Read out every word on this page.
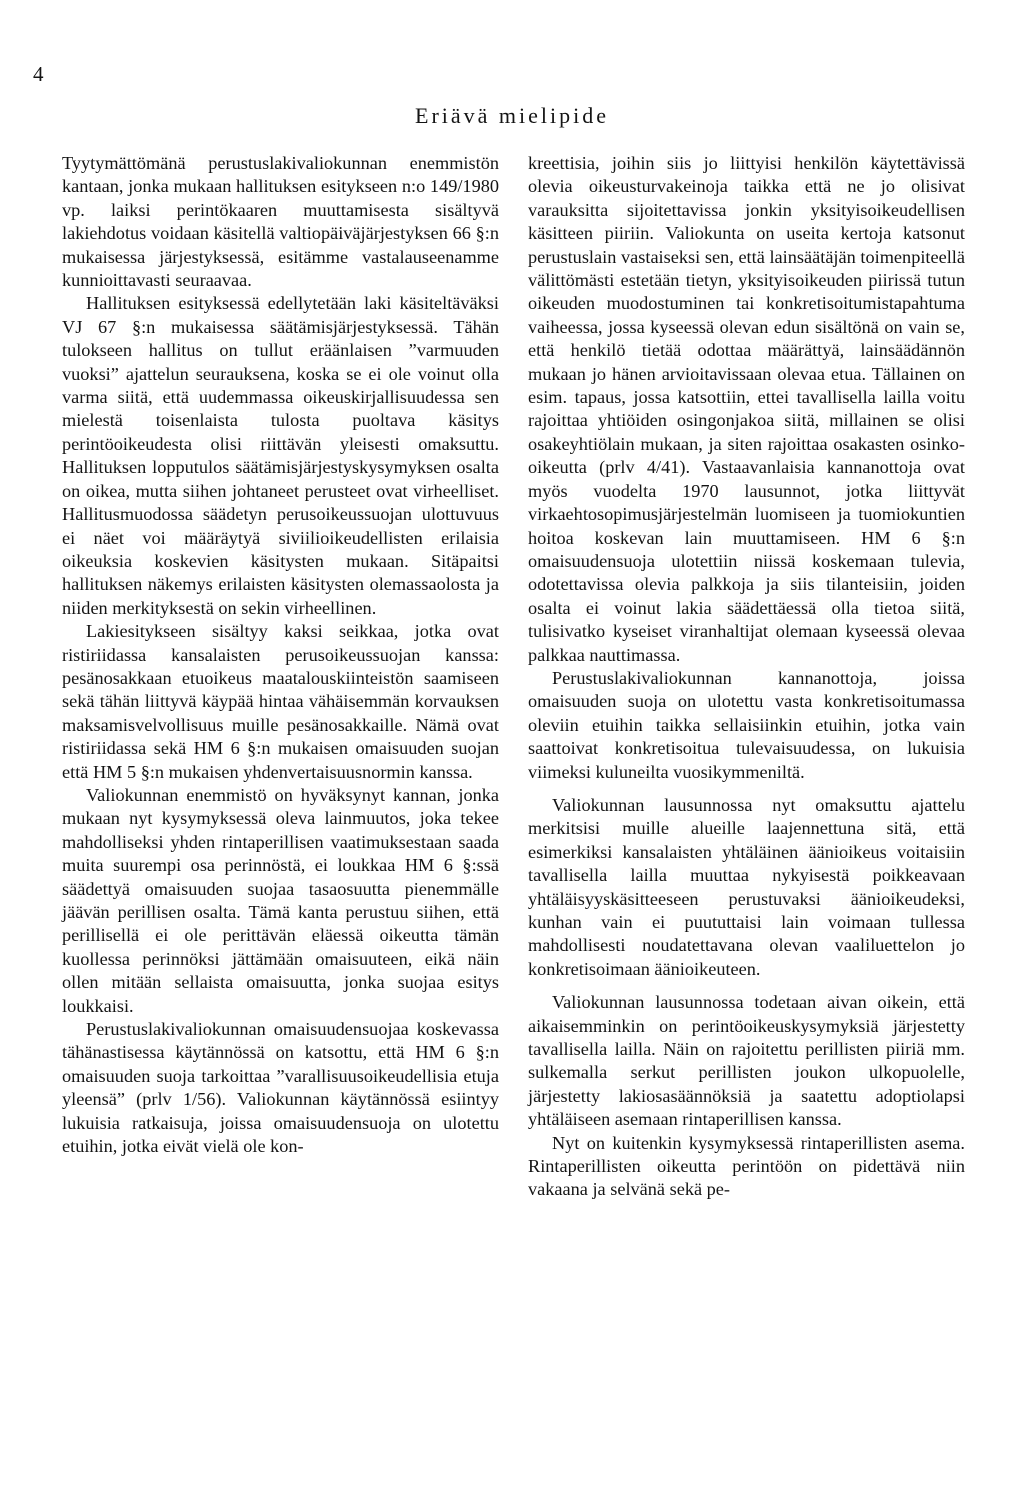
4
Eriävä mielipide

Tyytymättömänä perustuslakivaliokunnan enemmistön kantaan, jonka mukaan hallituksen esitykseen n:o 149/1980 vp. laiksi perintökaaren muuttamisesta sisältyvä lakiehdotus voidaan käsitellä valtiopäiväjärjestyksen 66 §:n mukaisessa järjestyksessä, esitämme vastalauseenamme kunnioittavasti seuraavaa.

Hallituksen esityksessä edellytetään laki käsiteltäväksi VJ 67 §:n mukaisessa säätämisjärjestyksessä. Tähän tulokseen hallitus on tullut eräänlaisen ”varmuuden vuoksi” ajattelun seurauksena, koska se ei ole voinut olla varma siitä, että uudemmassa oikeuskirjallisuudessa sen mielestä toisenlaista tulosta puoltava käsitys perintöoikeudesta olisi riittävän yleisesti omaksuttu. Hallituksen lopputulos säätämisjärjestyskysymyksen osalta on oikea, mutta siihen johtaneet perusteet ovat virheelliset. Hallitusmuodossa säädetyn perusoikeussuojan ulottuvuus ei näet voi määräytyä siviilioikeudellisten erilaisia oikeuksia koskevien käsitysten mukaan. Sitäpaitsi hallituksen näkemys erilaisten käsitysten olemassaolosta ja niiden merkityksestä on sekin virheellinen.

Lakiesitykseen sisältyy kaksi seikkaa, jotka ovat ristiriidassa kansalaisten perusoikeussuojan kanssa: pesänosakkaan etuoikeus maatalouskiinteistön saamiseen sekä tähän liittyvä käypää hintaa vähäisemmän korvauksen maksamisvelvollisuus muille pesänosakkaille. Nämä ovat ristiriidassa sekä HM 6 §:n mukaisen omaisuuden suojan että HM 5 §:n mukaisen yhdenvertaisuusnormin kanssa.

Valiokunnan enemmistö on hyväksynyt kannan, jonka mukaan nyt kysymyksessä oleva lainmuutos, joka tekee mahdolliseksi yhden rintaperillisen vaatimuksestaan saada muita suurempi osa perinnöstä, ei loukkaa HM 6 §:ssä säädettyä omaisuuden suojaa tasaosuutta pienemmälle jäävän perillisen osalta. Tämä kanta perustuu siihen, että perillisellä ei ole perittävän eläessä oikeutta tämän kuollessa perinnöksi jättämään omaisuuteen, eikä näin ollen mitään sellaista omaisuutta, jonka suojaa esitys loukkaisi.

Perustuslakivaliokunnan omaisuudensuojaa koskevassa tähänastisessa käytännössä on katsottu, että HM 6 §:n omaisuuden suoja tarkoittaa ”varallisuusoikeudellisia etuja yleensä” (prlv 1/56). Valiokunnan käytännössä esiintyy lukuisia ratkaisuja, joissa omaisuudensuoja on ulotettu etuihin, jotka eivät vielä ole kon-

kreettisia, joihin siis jo liittyisi henkilön käytettävissä olevia oikeusturvakeinoja taikka että ne jo olisivat varauksitta sijoitettavissa jonkin yksityisoikeudellisen käsitteen piiriin. Valiokunta on useita kertoja katsonut perustuslain vastaiseksi sen, että lainsäätäjän toimenpiteellä välittömästi estetään tietyn, yksityisoikeuden piirissä tutun oikeuden muodostuminen tai konkretisoitumistapahtuma vaiheessa, jossa kyseessä olevan edun sisältönä on vain se, että henkilö tietää odottaa määrättyä, lainsäädännön mukaan jo hänen arvioitavissaan olevaa etua. Tällainen on esim. tapaus, jossa katsottiin, ettei tavallisella lailla voitu rajoittaa yhtiöiden osingonjakoa siitä, millainen se olisi osakeyhtiölain mukaan, ja siten rajoittaa osakasten osinko-oikeutta (prlv 4/41). Vastaavanlaisia kannanottoja ovat myös vuodelta 1970 lausunnot, jotka liittyvät virkaehtosopimusjärjestelmän luomiseen ja tuomiokuntien hoitoa koskevan lain muuttamiseen. HM 6 §:n omaisuudensuoja ulotettiin niissä koskemaan tulevia, odotettavissa olevia palkkoja ja siis tilanteisiin, joiden osalta ei voinut lakia säädettäessä olla tietoa siitä, tulisivatko kyseiset viranhaltijat olemaan kyseessä olevaa palkkaa nauttimassa.

Perustuslakivaliokunnan kannanottoja, joissa omaisuuden suoja on ulotettu vasta konkretisoitumassa oleviin etuihin taikka sellaisiinkin etuihin, jotka vain saattoivat konkretisoitua tulevaisuudessa, on lukuisia viimeksi kuluneilta vuosikymmeniltä.

Valiokunnan lausunnossa nyt omaksuttu ajattelu merkitsisi muille alueille laajennettuna sitä, että esimerkiksi kansalaisten yhtäläinen äänioikeus voitaisiin tavallisella lailla muuttaa nykyisestä poikkeavaan yhtäläisyyskäsitteeseen perustuvaksi äänioikeudeksi, kunhan vain ei puututtaisi lain voimaan tullessa mahdollisesti noudatettavana olevan vaaliluettelon jo konkretisoimaan äänioikeuteen.

Valiokunnan lausunnossa todetaan aivan oikein, että aikaisemminkin on perintöoikeuskysymyksiä järjestetty tavallisella lailla. Näin on rajoitettu perillisten piiriä mm. sulkemalla serkut perillisten joukon ulkopuolelle, järjestetty lakiosasäännöksiä ja saatettu adoptiolapsi yhtäläiseen asemaan rintaperillisen kanssa.

Nyt on kuitenkin kysymyksessä rintaperillisten asema. Rintaperillisten oikeutta perintöön on pidettävä niin vakaana ja selvänä sekä pe-
